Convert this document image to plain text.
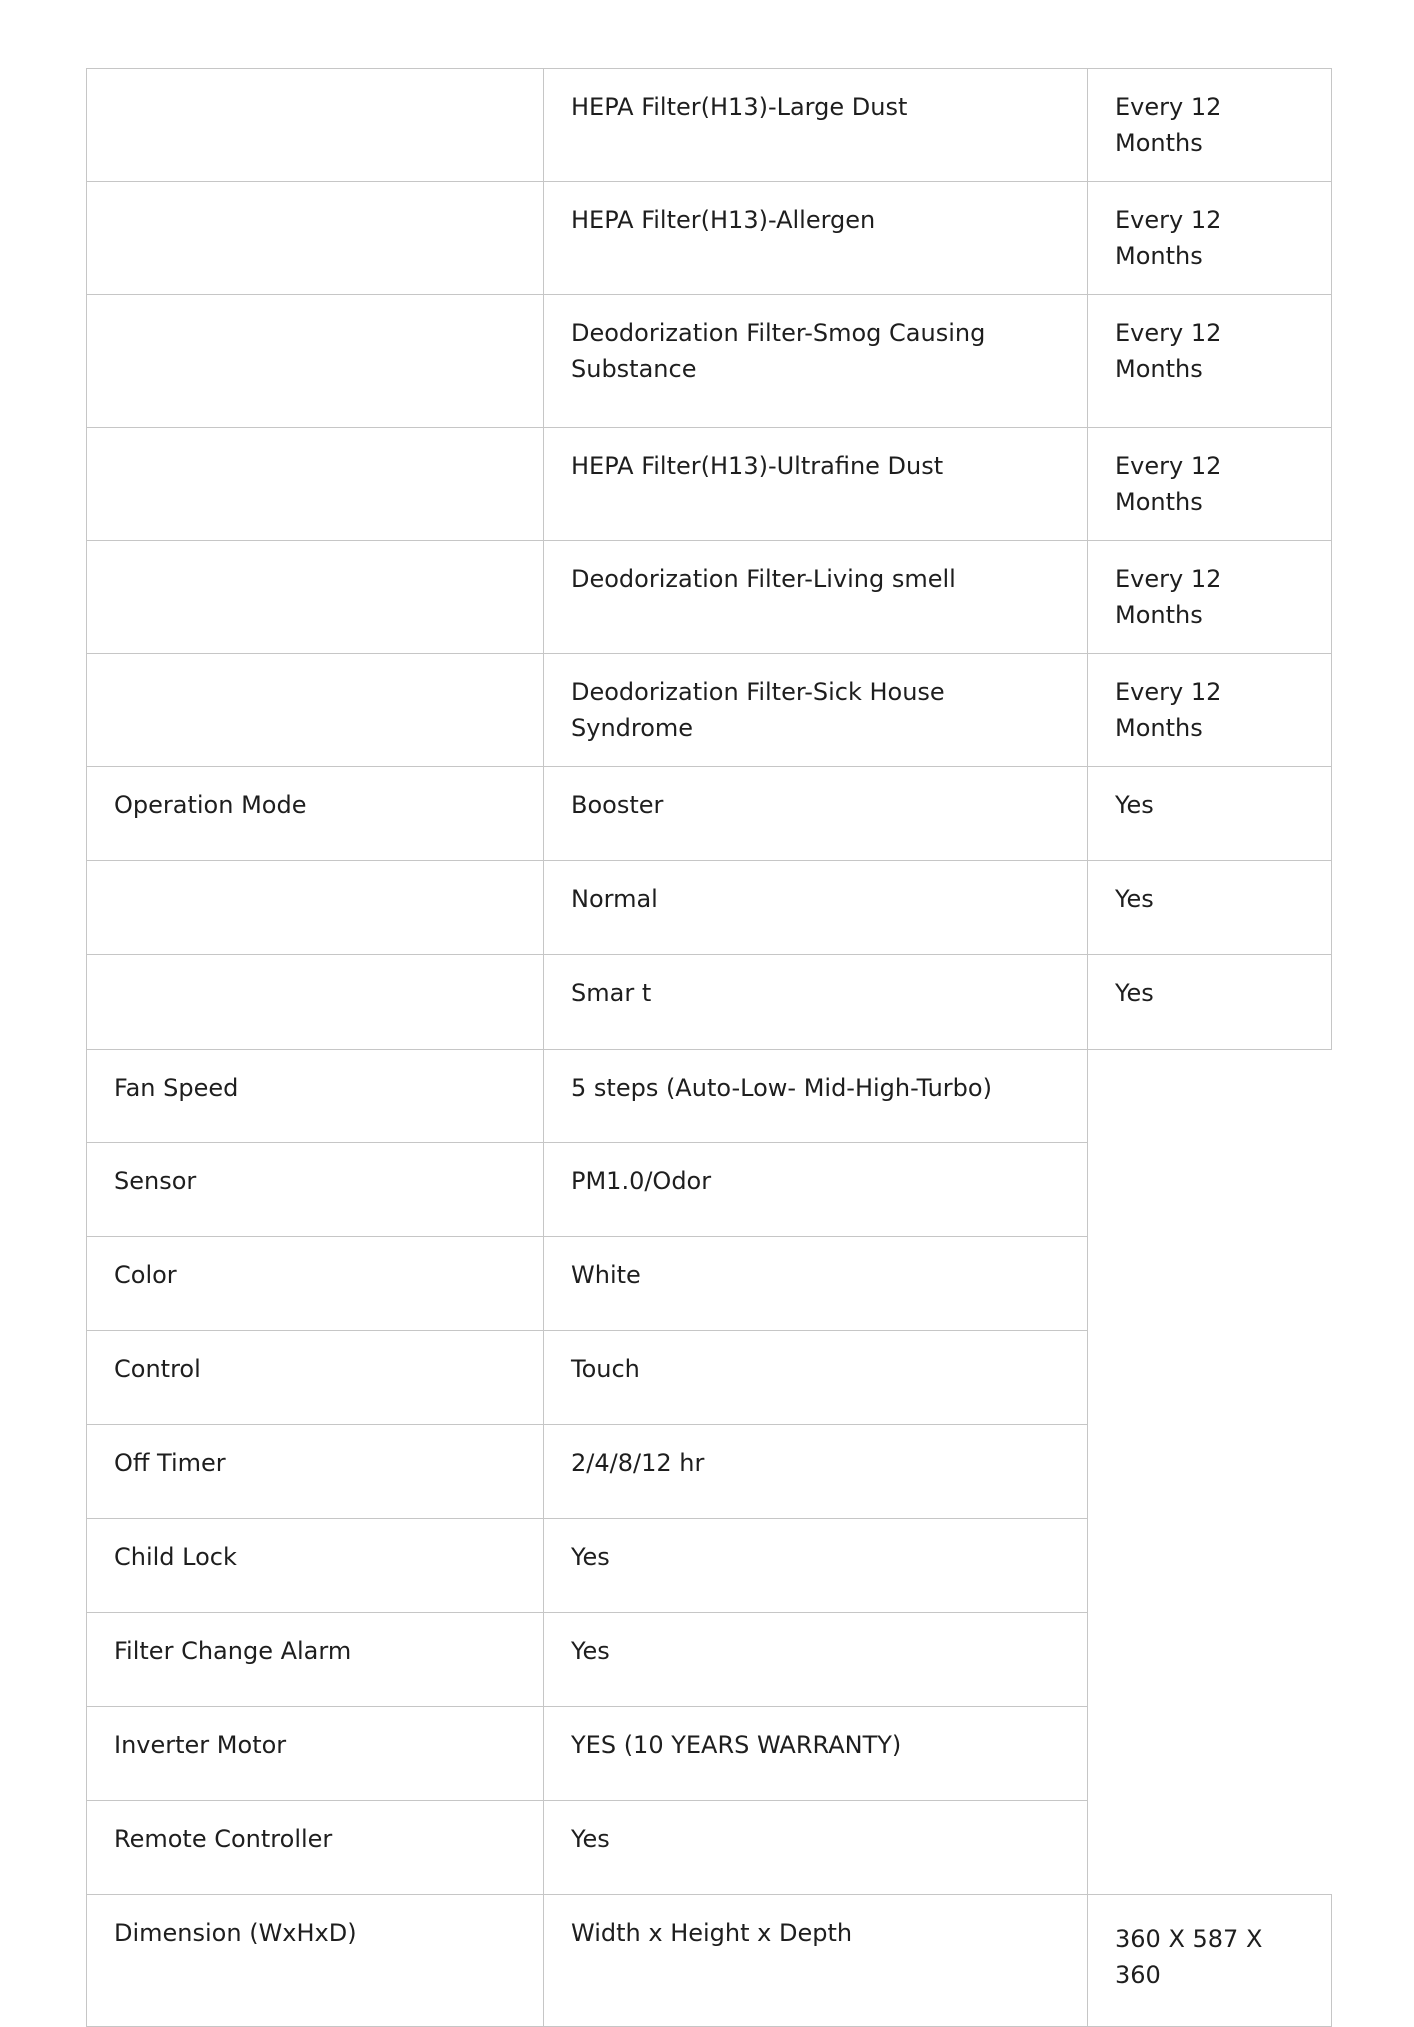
	HEPA Filter(H13)-Large Dust	Every 12 Months
	HEPA Filter(H13)-Allergen	Every 12 Months
	Deodorization Filter-Smog Causing Substance	Every 12 Months
	HEPA Filter(H13)-Ultrafine Dust	Every 12 Months
	Deodorization Filter-Living smell	Every 12 Months
	Deodorization Filter-Sick House Syndrome	Every 12 Months
Operation Mode	Booster	Yes
	Normal	Yes
	Smar t	Yes
Fan Speed	5 steps (Auto-Low- Mid-High-Turbo)	
Sensor	PM1.0/Odor	
Color	White	
Control	Touch	
Off Timer	2/4/8/12 hr	
Child Lock	Yes	
Filter Change Alarm	Yes	
Inverter Motor	YES (10 YEARS WARRANTY)	
Remote Controller	Yes	
Dimension (WxHxD)	Width x Height x Depth	360 X 587 X 360
